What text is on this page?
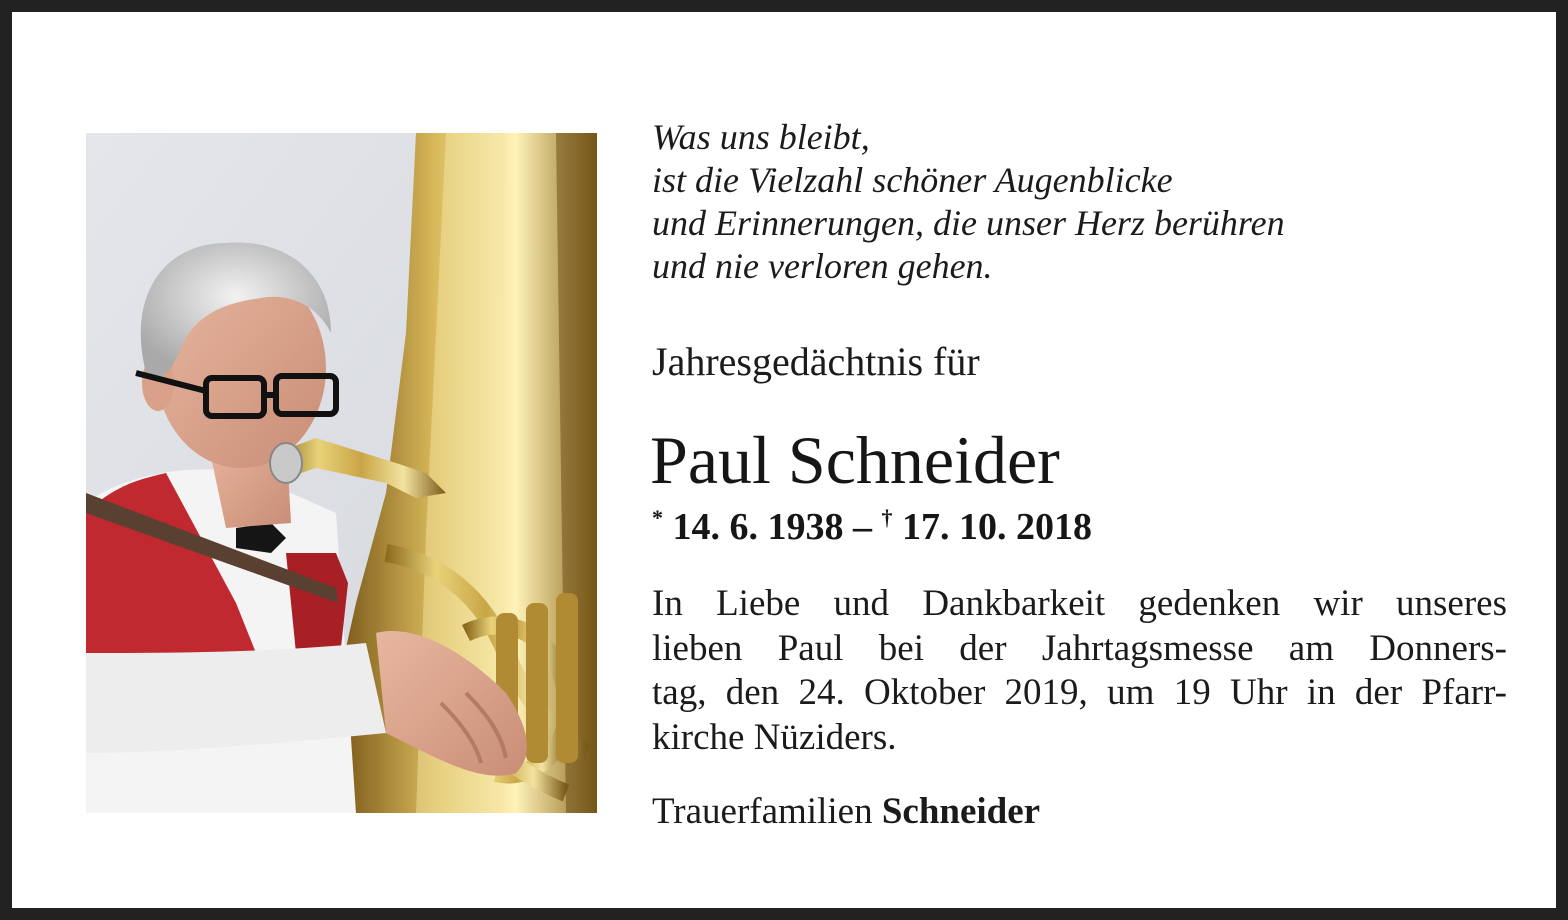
Was uns bleibt,
ist die Vielzahl schöner Augenblicke
und Erinnerungen, die unser Herz berühren
und nie verloren gehen.
Jahresgedächtnis für
Paul Schneider
* 14. 6. 1938 – † 17. 10. 2018
In Liebe und Dankbarkeit gedenken wir unseres
lieben Paul bei der Jahrtagsmesse am Donners-
tag, den 24. Oktober 2019, um 19 Uhr in der Pfarr-
kirche Nüziders.
Trauerfamilien Schneider
